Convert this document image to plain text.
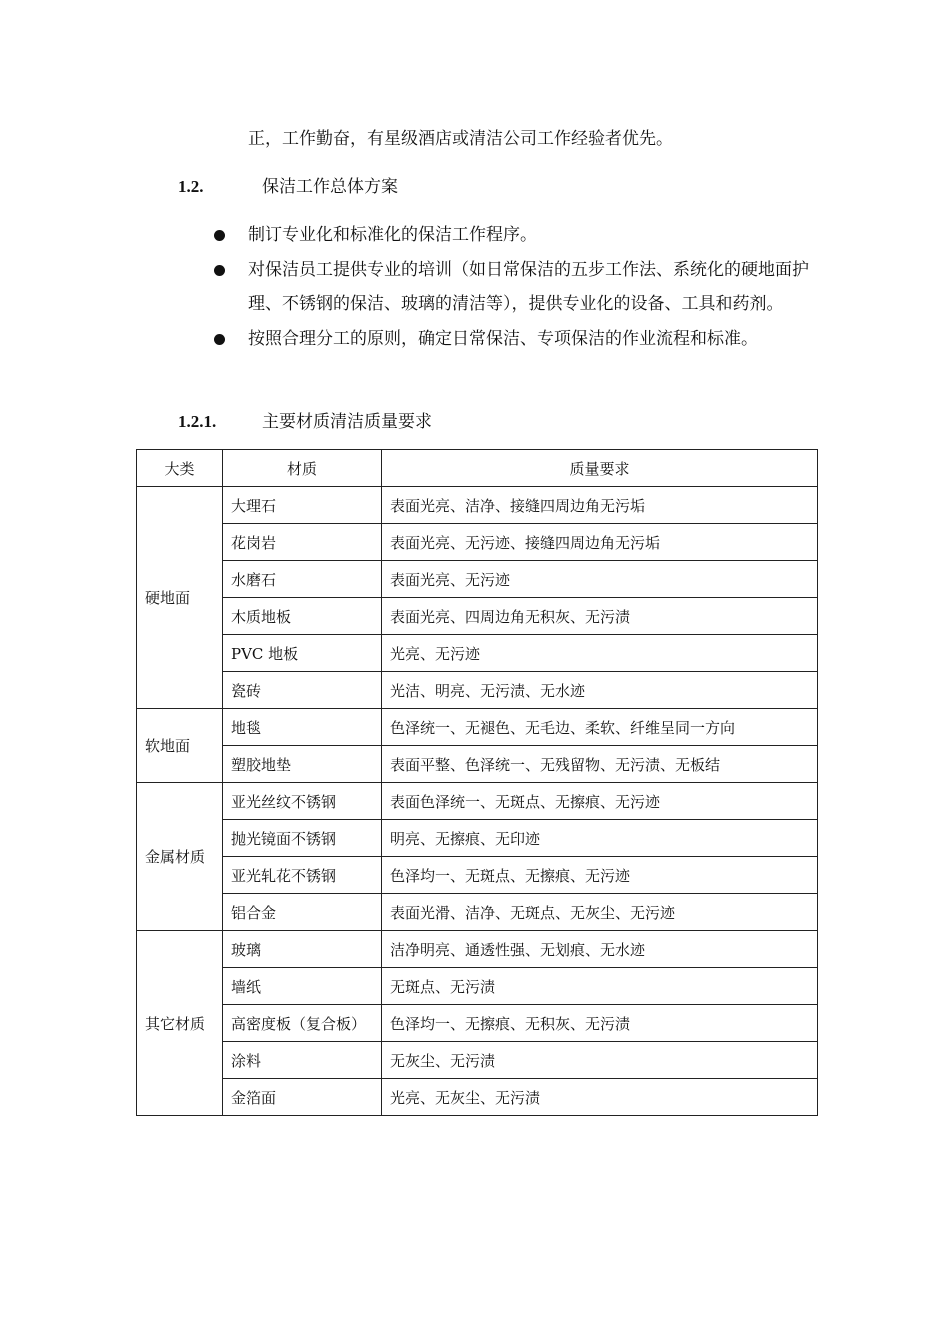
正，工作勤奋，有星级酒店或清洁公司工作经验者优先。
1.2.	保洁工作总体方案
制订专业化和标准化的保洁工作程序。
对保洁员工提供专业的培训（如日常保洁的五步工作法、系统化的硬地面护理、不锈钢的保洁、玻璃的清洁等），提供专业化的设备、工具和药剂。
按照合理分工的原则，确定日常保洁、专项保洁的作业流程和标准。
1.2.1.	主要材质清洁质量要求
大类	材质	质量要求
硬地面	大理石	表面光亮、洁净、接缝四周边角无污垢
	花岗岩	表面光亮、无污迹、接缝四周边角无污垢
	水磨石	表面光亮、无污迹
	木质地板	表面光亮、四周边角无积灰、无污渍
	PVC 地板	光亮、无污迹
	瓷砖	光洁、明亮、无污渍、无水迹
软地面	地毯	色泽统一、无褪色、无毛边、柔软、纤维呈同一方向
	塑胶地垫	表面平整、色泽统一、无残留物、无污渍、无板结
金属材质	亚光丝纹不锈钢	表面色泽统一、无斑点、无擦痕、无污迹
	抛光镜面不锈钢	明亮、无擦痕、无印迹
	亚光轧花不锈钢	色泽均一、无斑点、无擦痕、无污迹
	铝合金	表面光滑、洁净、无斑点、无灰尘、无污迹
其它材质	玻璃	洁净明亮、通透性强、无划痕、无水迹
	墙纸	无斑点、无污渍
	高密度板（复合板）	色泽均一、无擦痕、无积灰、无污渍
	涂料	无灰尘、无污渍
	金箔面	光亮、无灰尘、无污渍
